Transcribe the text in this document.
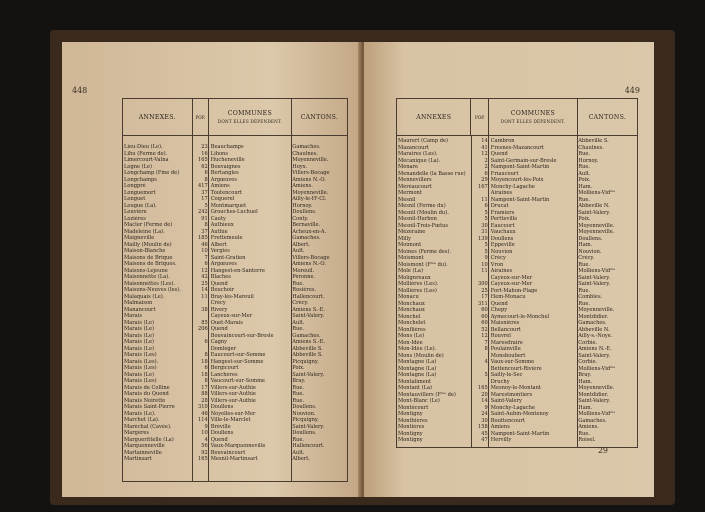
448
ANNEXES.	POP.	COMMUNES
DONT ELLES DÉPENDENT.
CANTONS.
Lieu-Dieu (Le).	23 Beauchamps	Gamaches.
Lihu (Ferme de).	16 Lihons	Chaulnes.
Limercourt-Valna	165 Hucheneville	Moyenneville.
Logne (Le)	62 Bouvaignes	Hoyx.
Longchamp (Fme de)	6 Bertangles	Villers-Bocage
Longchamps	8 Argœuves	Amiens N.-O.
Longpré	417 Amiens	Amiens.
Longuemort	37 Toutencourt	Moyenneville.
Longuet	17 Coquerel	Ailly-le-Hᵗ-Cl.
Lougue (La).	5 Montmarquet	Hornoy.
Louvière	242 Grouches-Luchuel	Doullens.
Lozières	91 Cauty	Conty.
Macler (Ferme de)	8 Authieux	Bernaville.
Madeleine (La).	37 Authie	Acheux-en-A.
Maigneville	185 Frettemeule	Gamaches.
Mailly (Moulin de)	46 Albert	Albert.
Maison-Blanche	10 Vergies	Ault.
Maisons de Brique	7 Saint-Gratien	Villers-Bocage
Maisons de Briques.	6 Argœuves	Amiens N.-O.
Maisons-Lejeune	12 Hangest-en-Santerre	Moreuil.
Maisonnette (La).	42 Blaches	Péronne.
Maisonnettes (Les).	25 Quend	Rue.
Maisons-Neuves (les).	14 Bouchoir	Rosières.
Malaquais (Le).	11 Bray-lès-Mareuil	Hallencourt.
Malmaison	Crécy	Crécy.
Manancourt	38 Rivery	Amiens S.-E.
Marais	Cayeux-sur-Mer	Saint-Valery.
Marais (Le)	85 Ouet-Marais	Ault.
Marais (Le)	206 Quend	Rue.
Marais (Le)	Bouvaincourt-sur-Bresle	Gamaches.
Marais (Le)	6 Cagny	Amiens S.-E.
Marais (Le)	Domléger	Abbeville S.
Marais (Les)	8 Eaucourt-sur-Somme	Abbeville S.
Marais (Les).	18 Hangest-sur-Somme	Picquigny.
Marais (Les)	6 Bergicourt	Poix.
Marais (Le)	18 Lanchères	Saint-Valery.
Marais (Les)	8 Vaucourt-sur-Somme	Bray.
Marais de Colline	17 Villers-sur-Authie	Rue.
Marais du Quend	88 Villers-sur-Authie	Rue.
Marais Noirette	28 Villers-sur-Authie	Rue.
Marais Saint-Pierre	310 Doullens	Doullens.
Marais (Le).	46 Noyelles-sur-Mer	Nouvion.
Marchet (La).	114 Ville-le-Marclet	Picquigny.
Maréchal (Cavée).	9 Bréville	Saint-Valery.
Margères	10 Doullens	Doullens.
Marguerittelle (La)	4 Quend	Rue.
Marquenneville	56 Vaux-Marquenneville	Hallencourt.
Martainneville	92 Bouvaincourt	Ault.
Martinsart	165 Mesnil-Martinsart	Albert.
449
ANNEXES	POP.	COMMUNES
DONT ELLES DÉPENDENT.
CANTONS.
Maurert (Camp de)	14 Cambron	Abbeville S.
Mazancourt	41 Fresnes-Mazancourt	Chaulnes.
Maraires (Les).	12 Quend	Rue.
Mécanique (La).	2 Saint-Germain-sur-Bresle	Hornoy.
Ménare	2 Nampont-Saint-Martin	Rue.
Menandelle (la Basse rue)	6 Friaucourt	Ault.
Mennevillers	29 Moyencourt-lès-Poix	Poix.
Méréaucourt	167 Monchy-Lagache	Ham.
Mermont	Airaines	Molliens-Vidᵐᵉ
Mesnil	11 Nampont-Saint-Martin	Rue.
Mesnil (Ferme du)	6 Drucat	Abbeville N.
Mesnil (Moulin du).	5 Framiers	Saint-Valery.
Mesnil-Hurbon	5 Pertteville	Poix.
Mesnil-Trois-Fœtus	30 Eaucourt	Moyenneville.
Mézeraine	31 Vauchaux	Moyenneville.
Milly	139 Doullens	Doullens.
Moimont	5 Eppeville	Ham.
Moines (Ferme des).	5 Nouvion	Nouvion.
Moismont	9 Crécy	Crécy.
Moismont (Fᵐᵉ du).	10 Vron	Rue.
Molé (La)	11 Airaines	Molliens-Vidᵐᵉ
Molignreaux	Cayeux-sur-Mer	Saint-Valery.
Mollières (Les).	300 Cayeux-sur-Mer	Saint-Valery.
Mollières (Les)	25 Fort-Mahon-Plage	Rue.
Monacu	17 Hem-Monacu	Combles.
Monchaux	311 Quend	Rue.
Monchaux	60 Chepy	Moyenneville.
Monchel	60 Aymecourt-le-Monchel	Montdidier.
Monchelet	60 Maisnières	Gamaches.
Monflières	52 Bellancourt	Abbeville N.
Mons (Le)	12 Rouvrel	Ailly-s.-Noye.
Mon-Idée	7 Maresdraire	Corbie.
Mon-Idée (Le).	8 Poulainville	Amiens N.-E.
Mons (Moulin de)	Monsboubert	Saint-Valery.
Montagne (La)	4 Vaux-sur-Somme	Corbie.
Montagne (La)	Bettencourt-Rivière	Molliens-Vidᵐᵉ
Montagne (La)	5 Sailly-le-Sec	Bray.
Montaliment	Druchy	Ham.
Montant (La)	165 Mesnoy-le-Montant	Moyenneville.
Montauvillers (Fᵐᵉ de)	20 Marestmontiers	Montdidier.
Mont-Blanc (Le)	14 Saint-Valery	Saint-Valery.
Montécourt	9 Monchy-Lagache	Ham.
Montigny	24 Saint-Aubin-Montenoy	Molliens-Vidᵐᵉ
Monthières	30 Bouttencourt	Gamaches.
Montières	158 Amiens	Amiens.
Montigny	45 Nampont-Saint-Martin	Rue.
Montigny	47 Hervilly	Roisel.
29
